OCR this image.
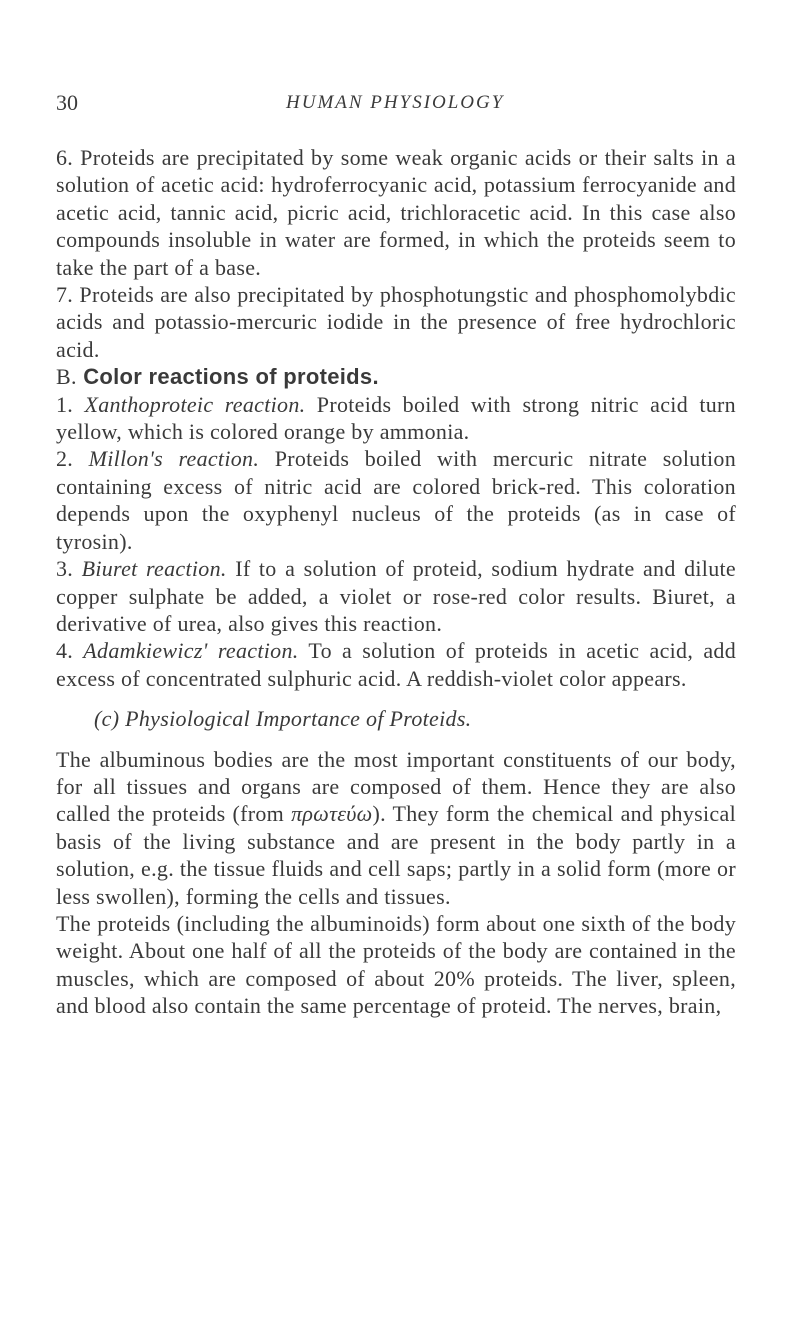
30	HUMAN PHYSIOLOGY

6. Proteids are precipitated by some weak organic acids or their salts in a solution of acetic acid: hydroferrocyanic acid, potassium ferrocyanide and acetic acid, tannic acid, picric acid, trichloracetic acid. In this case also compounds insoluble in water are formed, in which the proteids seem to take the part of a base.

7. Proteids are also precipitated by phosphotungstic and phosphomolybdic acids and potassio-mercuric iodide in the presence of free hydrochloric acid.

B. Color reactions of proteids.

1. Xanthoproteic reaction. Proteids boiled with strong nitric acid turn yellow, which is colored orange by ammonia.

2. Millon's reaction. Proteids boiled with mercuric nitrate solution containing excess of nitric acid are colored brick-red. This coloration depends upon the oxyphenyl nucleus of the proteids (as in case of tyrosin).

3. Biuret reaction. If to a solution of proteid, sodium hydrate and dilute copper sulphate be added, a violet or rose-red color results. Biuret, a derivative of urea, also gives this reaction.

4. Adamkiewicz' reaction. To a solution of proteids in acetic acid, add excess of concentrated sulphuric acid. A reddish-violet color appears.

(c) Physiological Importance of Proteids.

The albuminous bodies are the most important constituents of our body, for all tissues and organs are composed of them. Hence they are also called the proteids (from πρωτεύω). They form the chemical and physical basis of the living substance and are present in the body partly in a solution, e.g. the tissue fluids and cell saps; partly in a solid form (more or less swollen), forming the cells and tissues.

The proteids (including the albuminoids) form about one sixth of the body weight. About one half of all the proteids of the body are contained in the muscles, which are composed of about 20% proteids. The liver, spleen, and blood also contain the same percentage of proteid. The nerves, brain,
